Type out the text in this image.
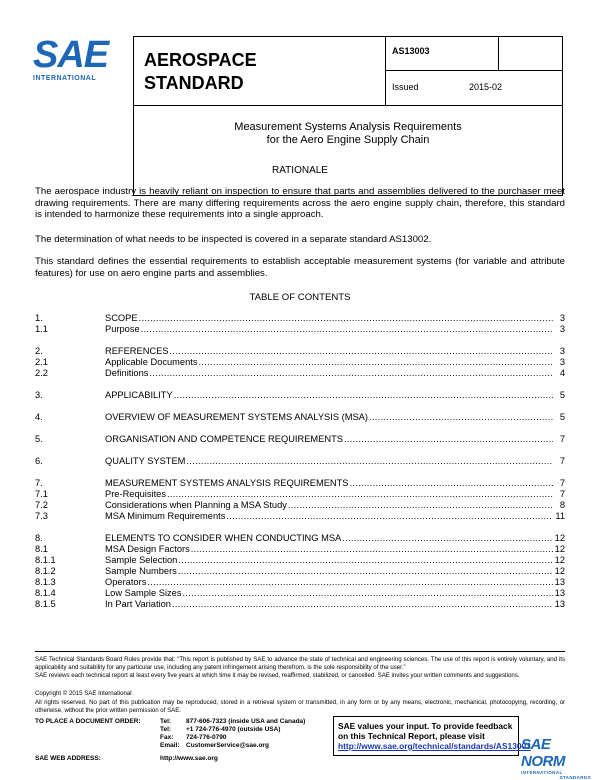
SAE
INTERNATIONAL
AEROSPACE
STANDARD
AS13003
Issued	2015-02
Measurement Systems Analysis Requirements
for the Aero Engine Supply Chain
RATIONALE
The aerospace industry is heavily reliant on inspection to ensure that parts and assemblies delivered to the purchaser meet drawing requirements. There are many differing requirements across the aero engine supply chain, therefore, this standard is intended to harmonize these requirements into a single approach.
The determination of what needs to be inspected is covered in a separate standard AS13002.
This standard defines the essential requirements to establish acceptable measurement systems (for variable and attribute features) for use on aero engine parts and assemblies.
TABLE OF CONTENTS
1.	SCOPE .....	3
1.1	Purpose .....	3
2.	REFERENCES .....	3
2.1	Applicable Documents .....	3
2.2	Definitions .....	4
3.	APPLICABILITY .....	5
4.	OVERVIEW OF MEASUREMENT SYSTEMS ANALYSIS (MSA) .....	5
5.	ORGANISATION AND COMPETENCE REQUIREMENTS .....	7
6.	QUALITY SYSTEM .....	7
7.	MEASUREMENT SYSTEMS ANALYSIS REQUIREMENTS .....	7
7.1	Pre-Requisites .....	7
7.2	Considerations when Planning a MSA Study .....	8
7.3	MSA Minimum Requirements .....	11
8.	ELEMENTS TO CONSIDER WHEN CONDUCTING MSA .....	12
8.1	MSA Design Factors .....	12
8.1.1	Sample Selection .....	12
8.1.2	Sample Numbers .....	12
8.1.3	Operators .....	13
8.1.4	Low Sample Sizes .....	13
8.1.5	In Part Variation .....	13
SAE Technical Standards Board Rules provide that: “This report is published by SAE to advance the state of technical and engineering sciences. The use of this report is entirely voluntary, and its applicability and suitability for any particular use, including any patent infringement arising therefrom, is the sole responsibility of the user.”
SAE reviews each technical report at least every five years at which time it may be revised, reaffirmed, stabilized, or cancelled. SAE invites your written comments and suggestions.
Copyright © 2015 SAE International
All rights reserved. No part of this publication may be reproduced, stored in a retrieval system or transmitted, in any form or by any means, electronic, mechanical, photocopying, recording, or otherwise, without the prior written permission of SAE.
TO PLACE A DOCUMENT ORDER:	Tel: 877-606-7323 (inside USA and Canada)
Tel: +1 724-776-4970 (outside USA)
Fax: 724-776-0790
Email: CustomerService@sae.org
SAE WEB ADDRESS:	http://www.sae.org
SAE values your input. To provide feedback
on this Technical Report, please visit
http://www.sae.org/technical/standards/AS13003
SAE NORM
INTERNATIONAL
STANDARDS
